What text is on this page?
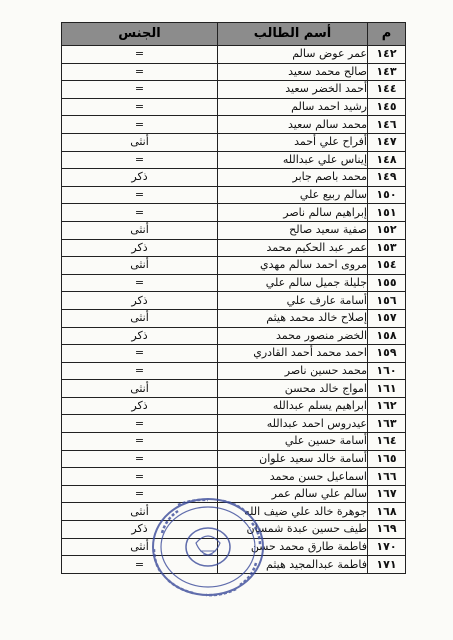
م	أسم الطالب	الجنس
١٤٢	عمر عوض سالم	=
١٤٣	صالح محمد سعيد	=
١٤٤	أحمد الخضر سعيد	=
١٤٥	رشيد احمد سالم	=
١٤٦	محمد سالم سعيد	=
١٤٧	أفراح علي أحمد	أنثى
١٤٨	إيناس علي عبدالله	=
١٤٩	محمد باصم جابر	ذكر
١٥٠	سالم ربيع علي	=
١٥١	إبراهيم سالم ناصر	=
١٥٢	صفية سعيد صالح	أنثى
١٥٣	عمر عبد الحكيم محمد	ذكر
١٥٤	مروى احمد سالم مهدي	أنثى
١٥٥	جليلة جميل سالم علي	=
١٥٦	أسامة عارف علي	ذكر
١٥٧	إصلاح خالد محمد هيثم	أنثى
١٥٨	الخضر منصور محمد	ذكر
١٥٩	احمد محمد أحمد القادري	=
١٦٠	محمد حسين ناصر	=
١٦١	امواج خالد محسن	أنثى
١٦٢	ابراهيم يسلم عبدالله	ذكر
١٦٣	عيدروس احمد عبدالله	=
١٦٤	أسامة حسين علي	=
١٦٥	أسامة خالد سعيد علوان	=
١٦٦	اسماعيل حسن محمد	=
١٦٧	سالم علي سالم عمر	=
١٦٨	جوهرة خالد علي ضيف الله	أنثى
١٦٩	طيف حسين عبدة شمسان	ذكر
١٧٠	فاطمة طارق محمد حسن	أنثى
١٧١	فاطمة عبدالمجيد هيثم	=
